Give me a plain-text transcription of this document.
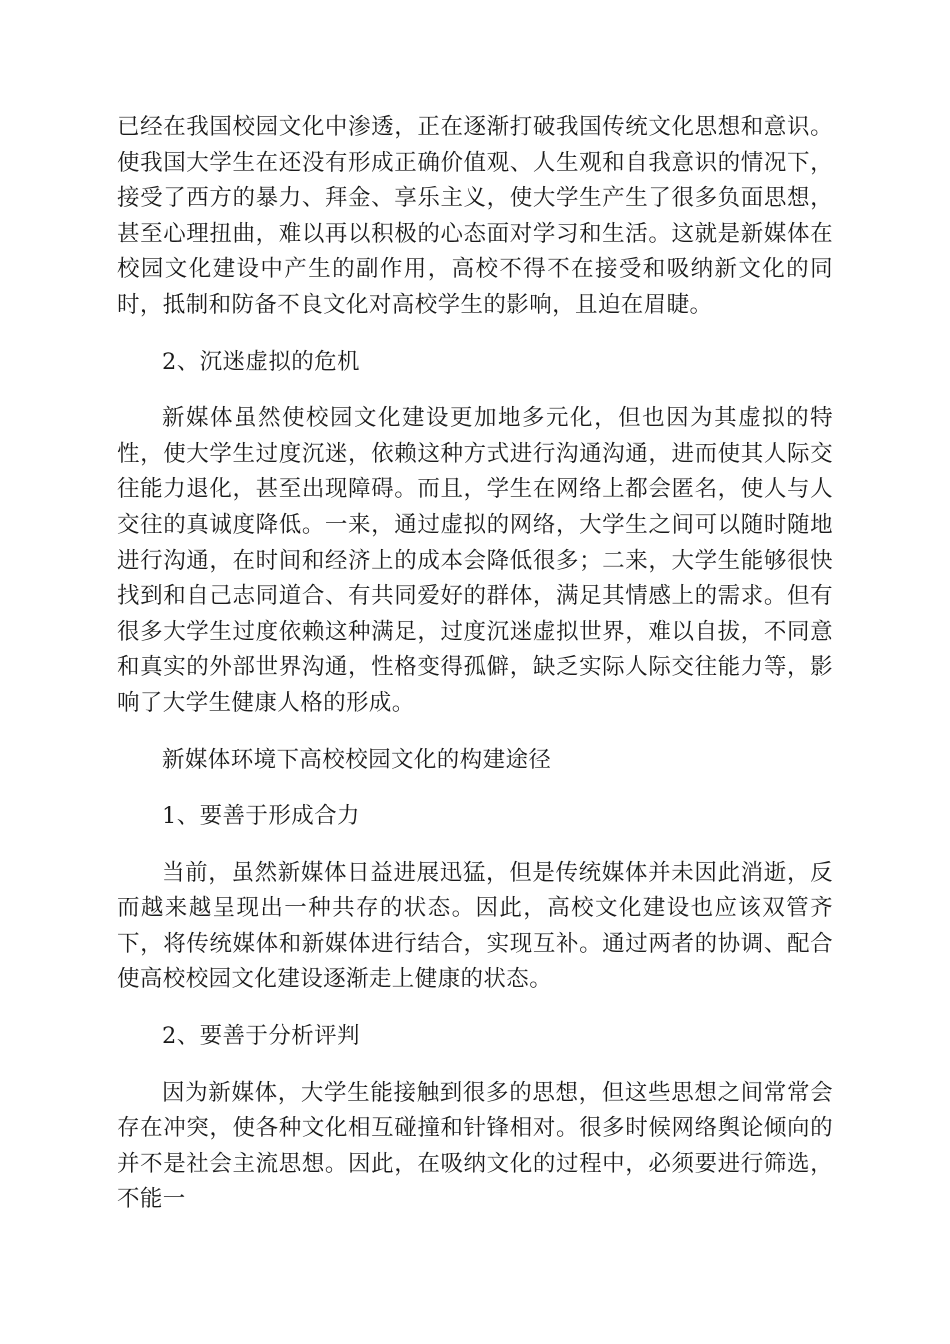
已经在我国校园文化中渗透，正在逐渐打破我国传统文化思想和意识。使我国大学生在还没有形成正确价值观、人生观和自我意识的情况下，接受了西方的暴力、拜金、享乐主义，使大学生产生了很多负面思想，甚至心理扭曲，难以再以积极的心态面对学习和生活。这就是新媒体在校园文化建设中产生的副作用，高校不得不在接受和吸纳新文化的同时，抵制和防备不良文化对高校学生的影响，且迫在眉睫。

2、沉迷虚拟的危机

新媒体虽然使校园文化建设更加地多元化，但也因为其虚拟的特性，使大学生过度沉迷，依赖这种方式进行沟通沟通，进而使其人际交往能力退化，甚至出现障碍。而且，学生在网络上都会匿名，使人与人交往的真诚度降低。一来，通过虚拟的网络，大学生之间可以随时随地进行沟通，在时间和经济上的成本会降低很多；二来，大学生能够很快找到和自己志同道合、有共同爱好的群体，满足其情感上的需求。但有很多大学生过度依赖这种满足，过度沉迷虚拟世界，难以自拔，不同意和真实的外部世界沟通，性格变得孤僻，缺乏实际人际交往能力等，影响了大学生健康人格的形成。

新媒体环境下高校校园文化的构建途径

1、要善于形成合力

当前，虽然新媒体日益进展迅猛，但是传统媒体并未因此消逝，反而越来越呈现出一种共存的状态。因此，高校文化建设也应该双管齐下，将传统媒体和新媒体进行结合，实现互补。通过两者的协调、配合使高校校园文化建设逐渐走上健康的状态。

2、要善于分析评判

因为新媒体，大学生能接触到很多的思想，但这些思想之间常常会存在冲突，使各种文化相互碰撞和针锋相对。很多时候网络舆论倾向的并不是社会主流思想。因此，在吸纳文化的过程中，必须要进行筛选，不能一
